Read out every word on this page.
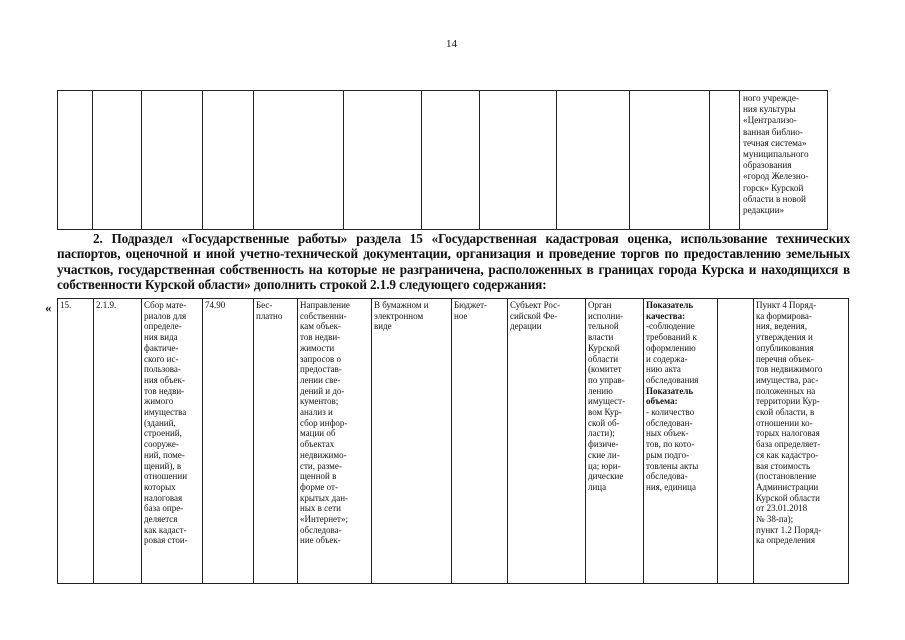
14

ного учрежде-
ния культуры
«Централизо-
ванная библио-
течная система»
муниципального
образования
«город Железно-
горск» Курской
области в новой
редакции»
2. Подраздел «Государственные работы» раздела 15 «Государственная кадастровая оценка, использование технических паспортов, оценочной и иной учетно-технической документации, организация и проведение торгов по предоставлению земельных участков, государственная собственность на которые не разграничена, расположенных в границах города Курска и находящихся в собственности Курской области» дополнить строкой 2.1.9 следующего содержания:
« 15.	2.1.9.	Сбор мате-
риалов для
определе-
ния вида
фактиче-
ского ис-
пользова-
ния объек-
тов недви-
жимого
имущества
(зданий,
строений,
сооруже-
ний, поме-
щений), в
отношении
которых
налоговая
база опре-
деляется
как кадаст-
ровая стои-	74.90	Бес-
платно	Направление
собственни-
кам объек-
тов недви-
жимости
запросов о
предостав-
лении све-
дений и до-
кументов;
анализ и
сбор инфор-
мации об
объектах
недвижимо-
сти, разме-
щенной в
форме от-
крытых дан-
ных в сети
«Интернет»;
обследова-
ние объек-	В бумажном и
электронном
виде	Бюджет-
ное	Субъект Рос-
сийской Фе-
дерации	Орган
исполни-
тельной
власти
Курской
области
(комитет
по управ-
лению
имущест-
вом Кур-
ской об-
ласти);
физиче-
ские ли-
ца; юри-
дические
лица	Показатель качества:
-соблюдение
требований к
оформлению
и содержа-
нию акта
обследования
Показатель объема:
- количество
обследован-
ных объек-
тов, по кото-
рым подго-
товлены акты
обследова-
ния, единица		Пункт 4 Поряд-
ка формирова-
ния, ведения,
утверждения и
опубликования
перечня объек-
тов недвижимого
имущества, рас-
положенных на
территории Кур-
ской области, в
отношении ко-
торых налоговая
база определяет-
ся как кадастро-
вая стоимость
(постановление
Администрации
Курской области
от 23.01.2018
№ 38-па);
пункт 1.2 Поряд-
ка определения
